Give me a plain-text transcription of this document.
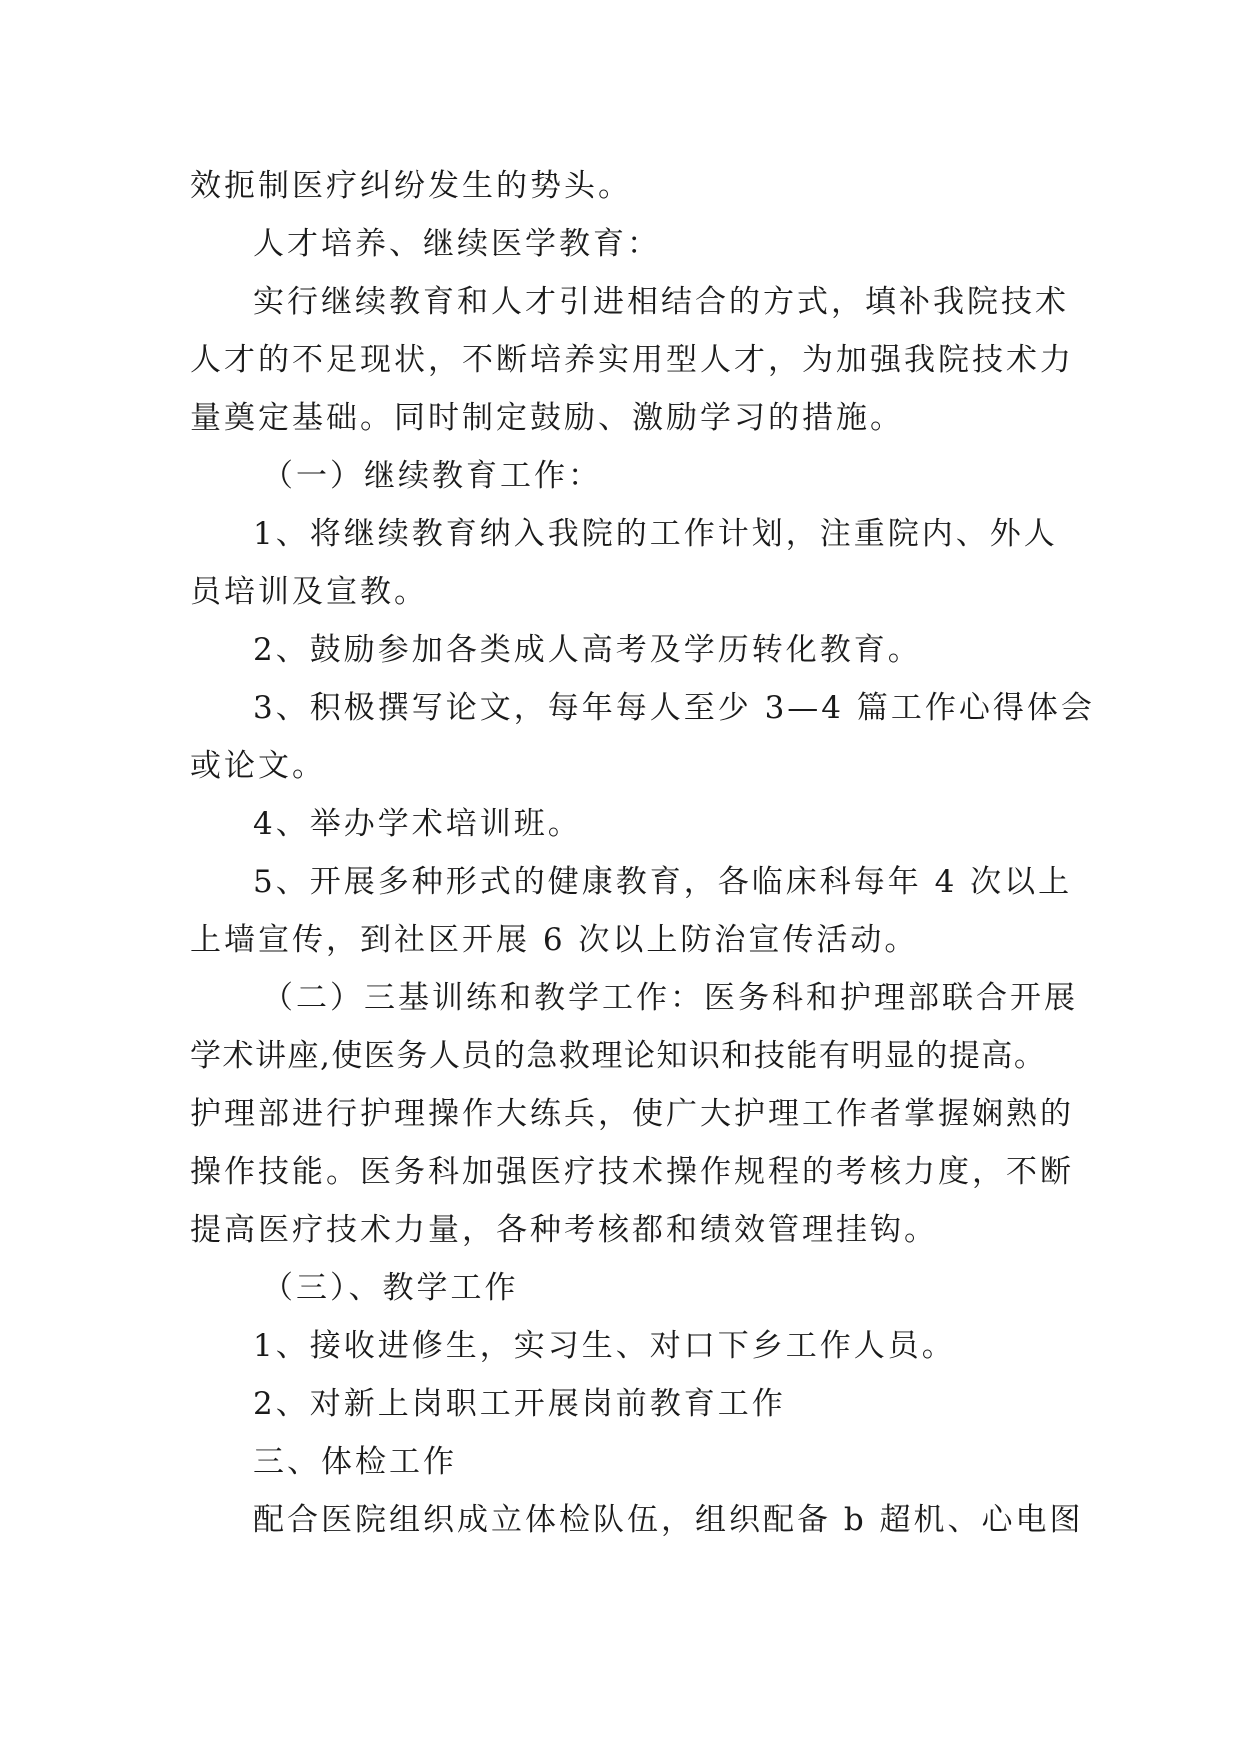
效扼制医疗纠纷发生的势头。
人才培养、继续医学教育：
实行继续教育和人才引进相结合的方式，填补我院技术
人才的不足现状，不断培养实用型人才，为加强我院技术力
量奠定基础。同时制定鼓励、激励学习的措施。
（一）继续教育工作：
1、将继续教育纳入我院的工作计划，注重院内、外人
员培训及宣教。
2、鼓励参加各类成人高考及学历转化教育。
3、积极撰写论文，每年每人至少 3—4 篇工作心得体会
或论文。
4、举办学术培训班。
5、开展多种形式的健康教育，各临床科每年 4 次以上
上墙宣传，到社区开展 6 次以上防治宣传活动。
（二）三基训练和教学工作：医务科和护理部联合开展
学术讲座,使医务人员的急救理论知识和技能有明显的提高。
护理部进行护理操作大练兵，使广大护理工作者掌握娴熟的
操作技能。医务科加强医疗技术操作规程的考核力度，不断
提高医疗技术力量，各种考核都和绩效管理挂钩。
（三）、教学工作
1、接收进修生，实习生、对口下乡工作人员。
2、对新上岗职工开展岗前教育工作
三、体检工作
配合医院组织成立体检队伍，组织配备 b 超机、心电图
